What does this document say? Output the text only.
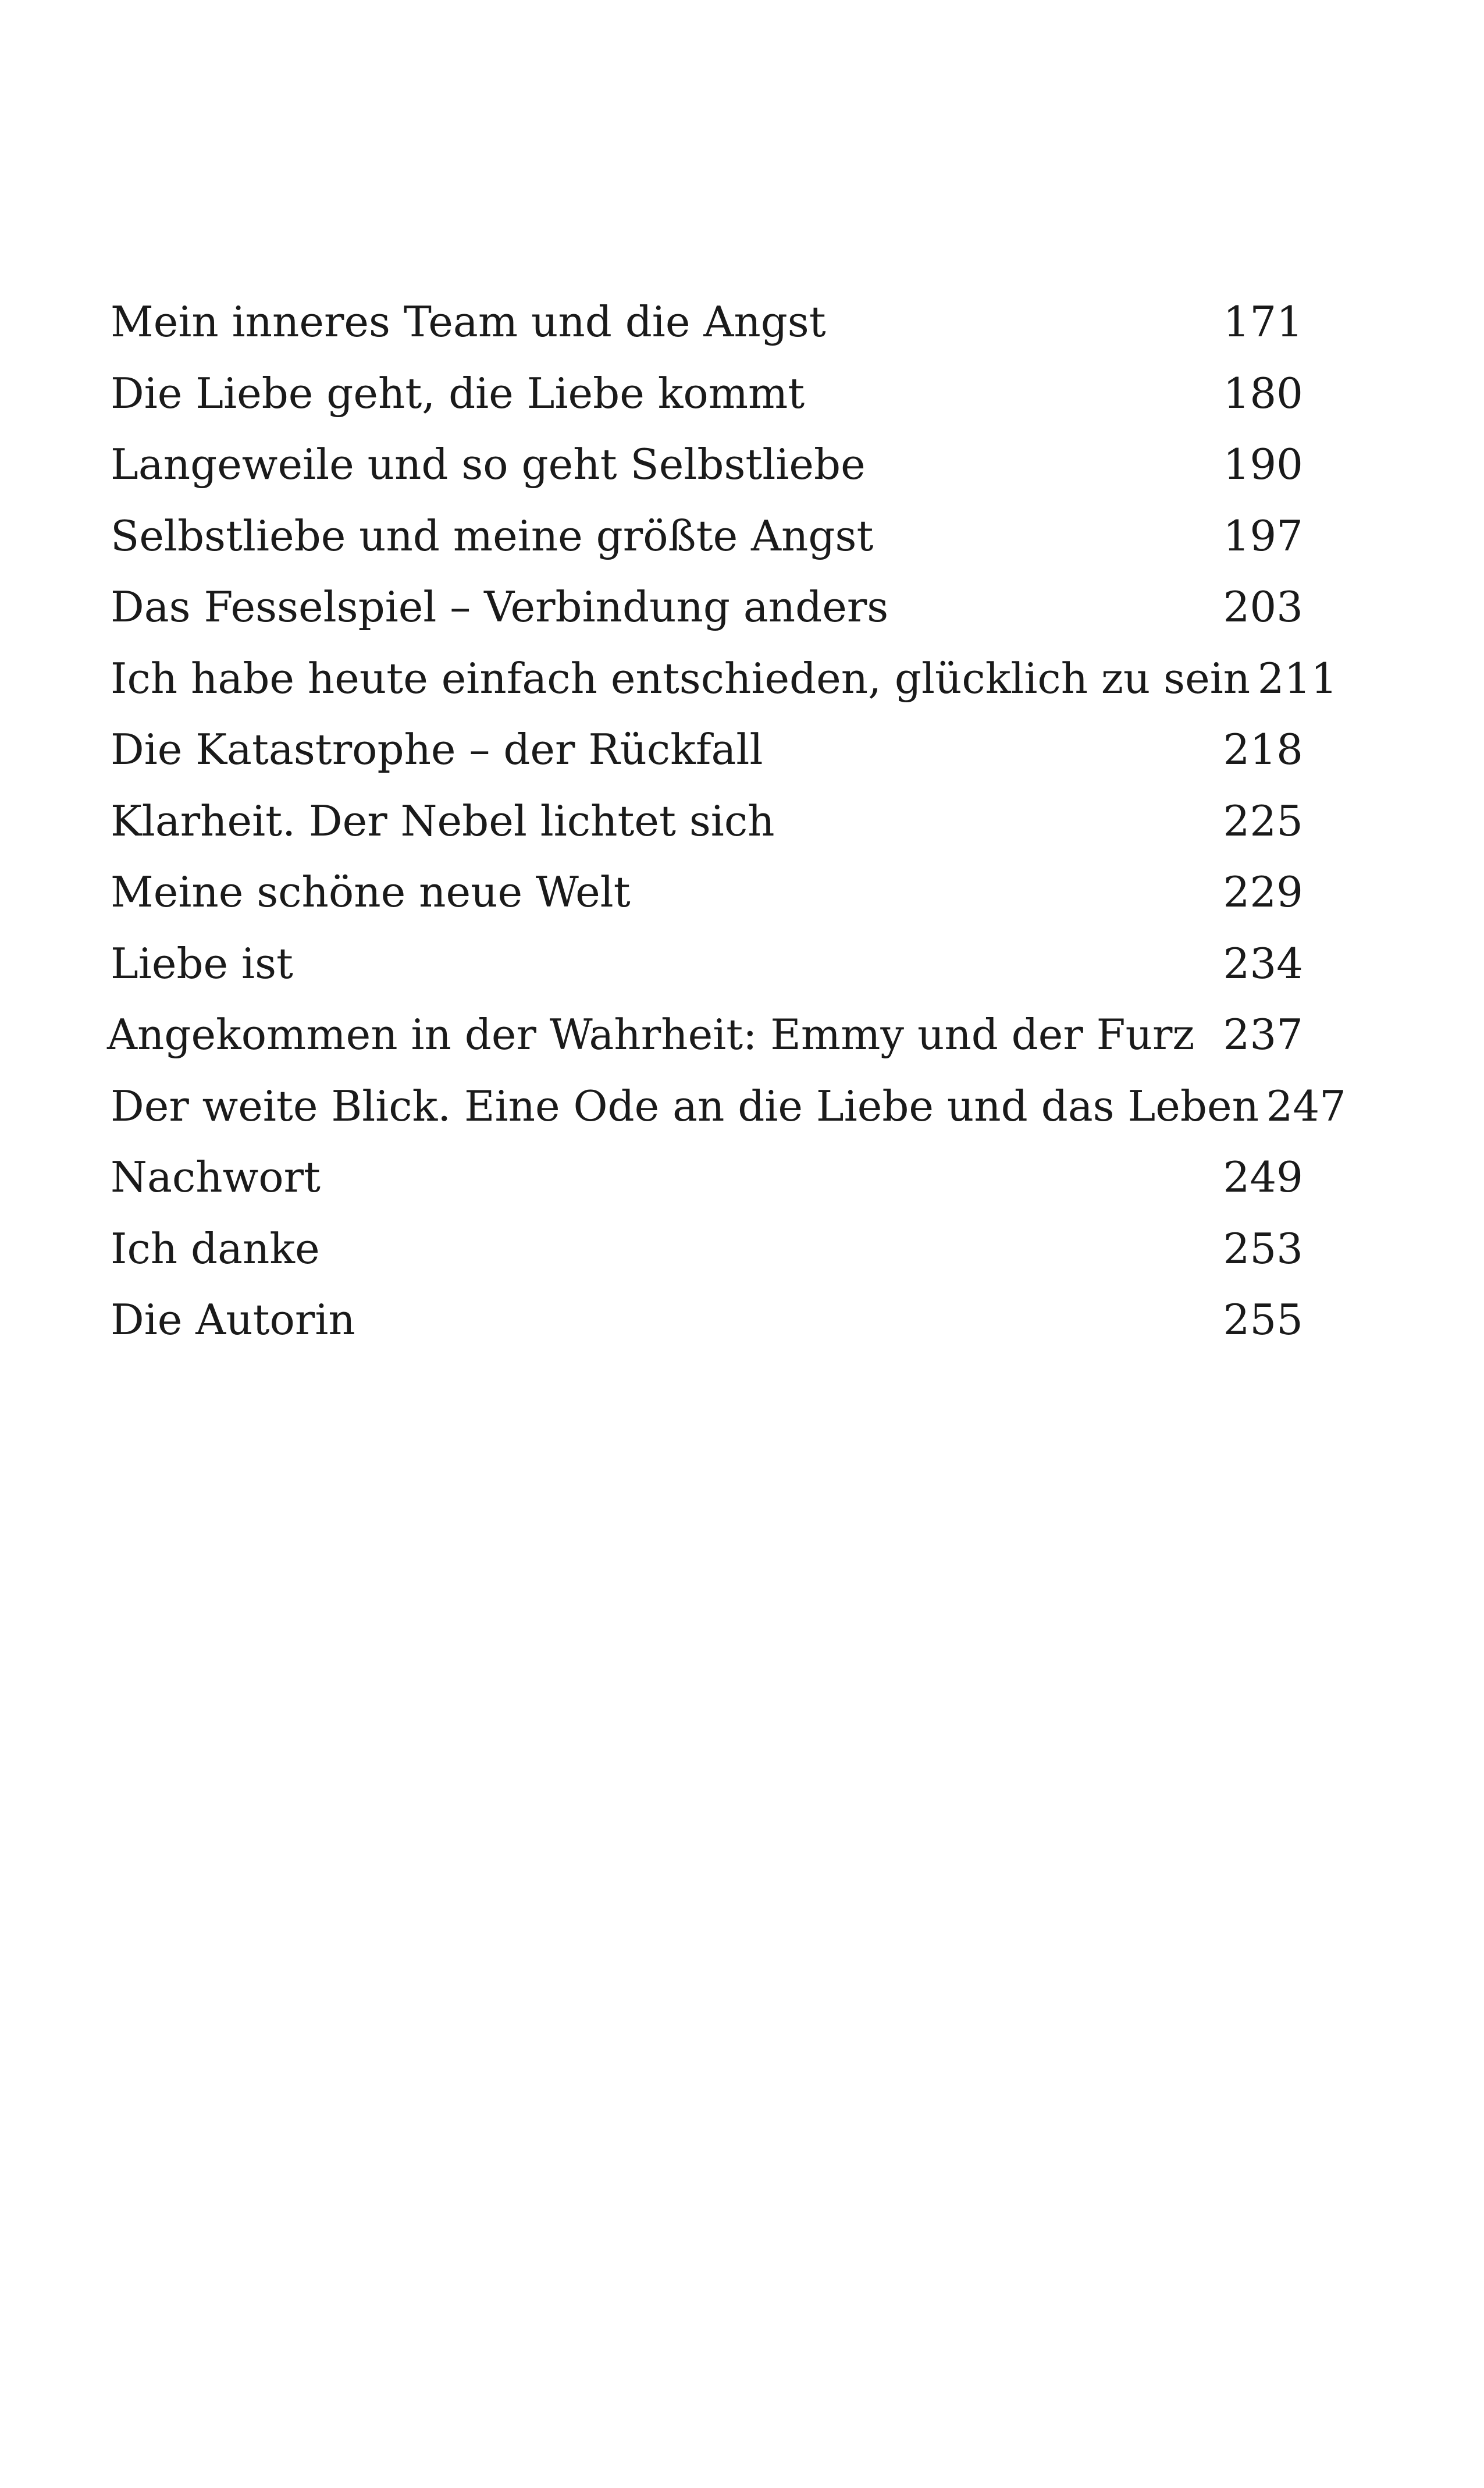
Mein inneres Team und die Angst	171
Die Liebe geht, die Liebe kommt	180
Langeweile und so geht Selbstliebe	190
Selbstliebe und meine größte Angst	197
Das Fesselspiel – Verbindung anders	203
Ich habe heute einfach entschieden, glücklich zu sein 211
Die Katastrophe – der Rückfall	218
Klarheit. Der Nebel lichtet sich	225
Meine schöne neue Welt	229
Liebe ist	234
Angekommen in der Wahrheit: Emmy und der Furz 237
Der weite Blick. Eine Ode an die Liebe und das Leben 247
Nachwort	249
Ich danke	253
Die Autorin	255
